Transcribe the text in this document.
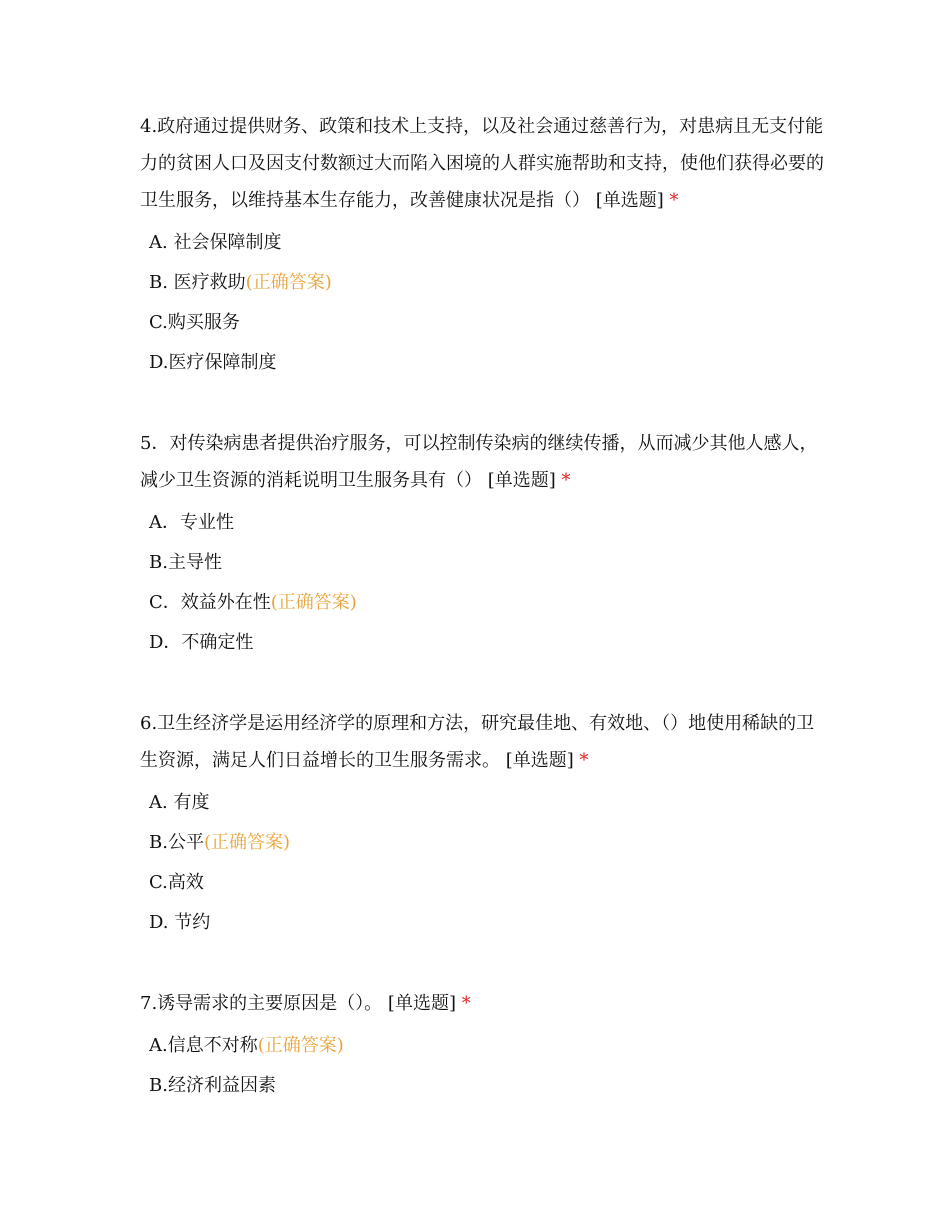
4.政府通过提供财务、政策和技术上支持，以及社会通过慈善行为，对患病且无支付能力的贫困人口及因支付数额过大而陷入困境的人群实施帮助和支持，使他们获得必要的卫生服务，以维持基本生存能力，改善健康状况是指（） [单选题] *

A. 社会保障制度
B. 医疗救助(正确答案)
C.购买服务
D.医疗保障制度

5．对传染病患者提供治疗服务，可以控制传染病的继续传播，从而减少其他人感人，减少卫生资源的消耗说明卫生服务具有（） [单选题] *

A．专业性
B.主导性
C．效益外在性(正确答案)
D．不确定性

6.卫生经济学是运用经济学的原理和方法，研究最佳地、有效地、（）地使用稀缺的卫生资源，满足人们日益增长的卫生服务需求。 [单选题] *

A. 有度
B.公平(正确答案)
C.高效
D. 节约

7.诱导需求的主要原因是（）。 [单选题] *

A.信息不对称(正确答案)
B.经济利益因素
